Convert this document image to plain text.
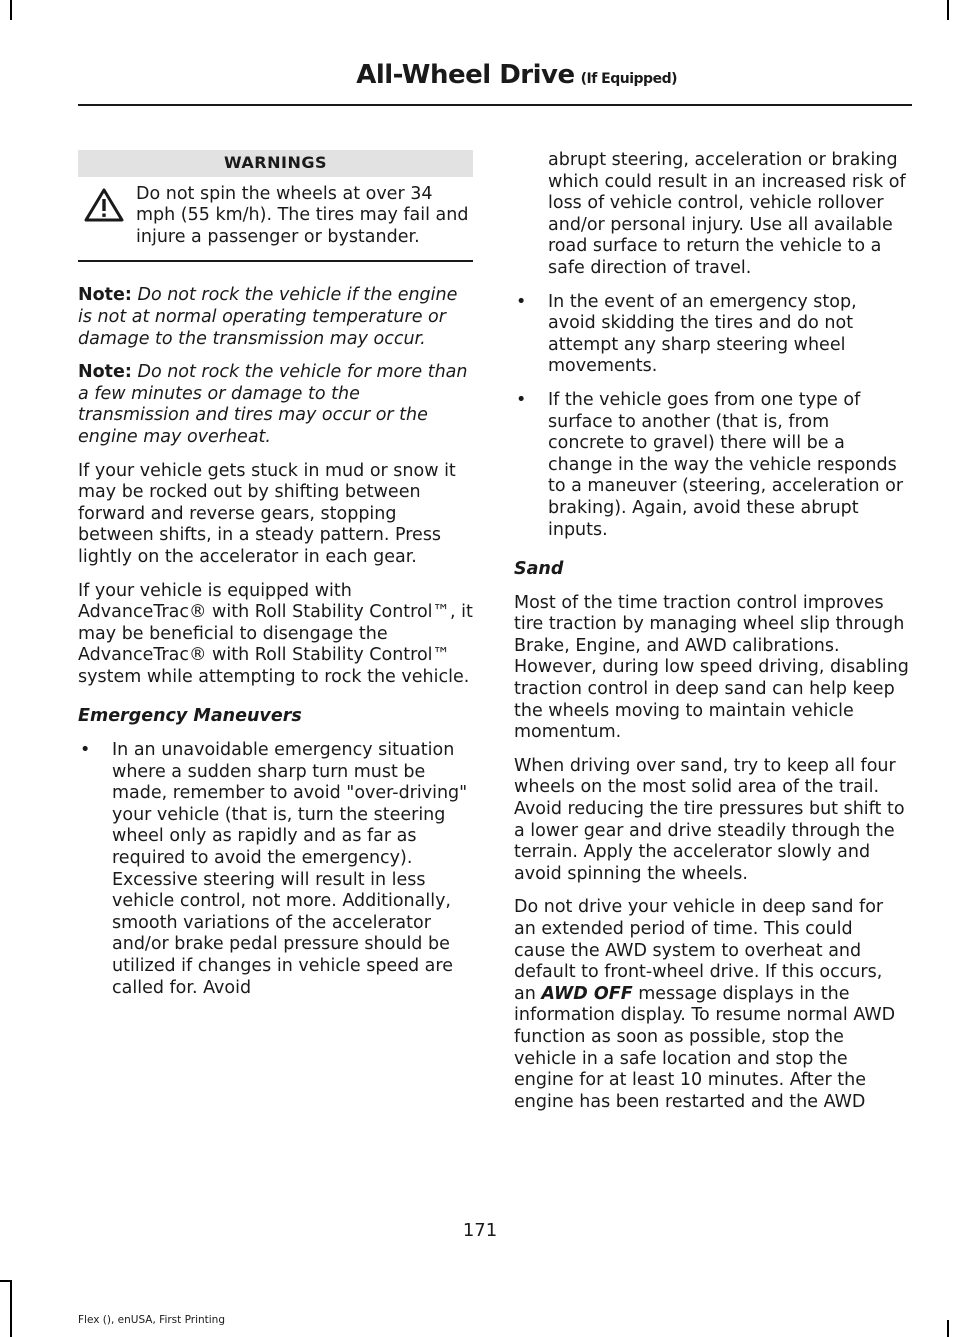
All-Wheel Drive (If Equipped)
WARNINGS
Do not spin the wheels at over 34 mph (55 km/h). The tires may fail and injure a passenger or bystander.

Note: Do not rock the vehicle if the engine is not at normal operating temperature or damage to the transmission may occur.

Note: Do not rock the vehicle for more than a few minutes or damage to the transmission and tires may occur or the engine may overheat.

If your vehicle gets stuck in mud or snow it may be rocked out by shifting between forward and reverse gears, stopping between shifts, in a steady pattern. Press lightly on the accelerator in each gear.

If your vehicle is equipped with AdvanceTrac® with Roll Stability Control™, it may be beneficial to disengage the AdvanceTrac® with Roll Stability Control™ system while attempting to rock the vehicle.

Emergency Maneuvers
• In an unavoidable emergency situation where a sudden sharp turn must be made, remember to avoid "over-driving" your vehicle (that is, turn the steering wheel only as rapidly and as far as required to avoid the emergency). Excessive steering will result in less vehicle control, not more. Additionally, smooth variations of the accelerator and/or brake pedal pressure should be utilized if changes in vehicle speed are called for. Avoid
abrupt steering, acceleration or braking which could result in an increased risk of loss of vehicle control, vehicle rollover and/or personal injury. Use all available road surface to return the vehicle to a safe direction of travel.
• In the event of an emergency stop, avoid skidding the tires and do not attempt any sharp steering wheel movements.
• If the vehicle goes from one type of surface to another (that is, from concrete to gravel) there will be a change in the way the vehicle responds to a maneuver (steering, acceleration or braking). Again, avoid these abrupt inputs.
Sand

Most of the time traction control improves tire traction by managing wheel slip through Brake, Engine, and AWD calibrations. However, during low speed driving, disabling traction control in deep sand can help keep the wheels moving to maintain vehicle momentum.

When driving over sand, try to keep all four wheels on the most solid area of the trail. Avoid reducing the tire pressures but shift to a lower gear and drive steadily through the terrain. Apply the accelerator slowly and avoid spinning the wheels.

Do not drive your vehicle in deep sand for an extended period of time. This could cause the AWD system to overheat and default to front-wheel drive. If this occurs, an AWD OFF message displays in the information display. To resume normal AWD function as soon as possible, stop the vehicle in a safe location and stop the engine for at least 10 minutes. After the engine has been restarted and the AWD

171
Flex (), enUSA, First Printing
